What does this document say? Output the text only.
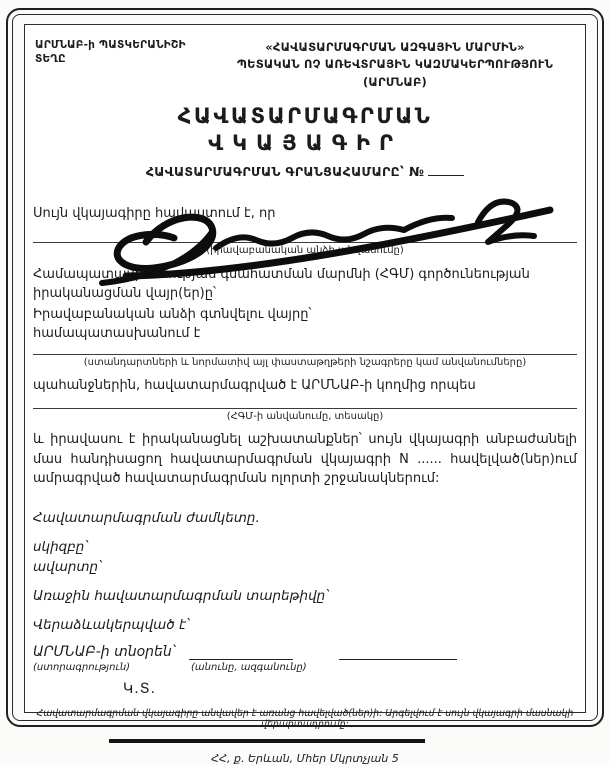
ԱՐՄՆԱԲ-ի ՊԱՏԿԵՐԱՆԻՇԻ ՏԵՂԸ
«ՀԱՎԱՏԱՐՄԱԳՐՄԱՆ ԱԶԳԱՅԻՆ ՄԱՐՄԻՆ»
ՊԵՏԱԿԱՆ ՈՉ ԱՌԵՎՏՐԱՅԻՆ ԿԱԶՄԱԿԵՐՊՈՒԹՅՈՒՆ (ԱՐՄՆԱԲ)
ՀԱՎԱՏԱՐՄԱԳՐՄԱՆ
ՎԿԱՅԱԳԻՐ
ՀԱՎԱՏԱՐՄԱԳՐՄԱՆ ԳՐԱՆՑԱՀԱՄԱՐԸ՝ №
Սույն վկայագիրը հավաստում է, որ
(իրավաբանական անձի անվանումը)
Համապատասխանության գնահատման մարմնի (ՀԳՄ) գործունեության իրականացման վայր(եր)ը՝
Իրավաբանական անձի գտնվելու վայրը՝
համապատասխանում է
(ստանդարտների և նորմատիվ այլ փաստաթղթերի նշագրերը կամ անվանումները)
պահանջներին, հավատարմագրված է ԱՐՄՆԱԲ-ի կողմից որպես
(ՀԳՄ-ի անվանումը, տեսակը)
և իրավասու է իրականացնել աշխատանքներ՝ սույն վկայագրի անբաժանելի մաս հանդիսացող հավատարմագրման վկայագրի N ...... հավելված(ներ)ում ամրագրված հավատարմագրման ոլորտի շրջանակներում:
Հավատարմագրման ժամկետը.
սկիզբը՝
ավարտը՝
Առաջին հավատարմագրման տարեթիվը՝
Վերաձևակերպված է՝
ԱՐՄՆԱԲ-ի տնօրեն՝
(ստորագրություն)	(անունը, ազգանունը)
Կ.Տ.
Հավատարմագրման վկայագիրը անվավեր է առանց հավելված(ներ)ի: Արգելվում է սույն վկայագրի մասնակի վերարտադրումը:
ՀՀ, ք. Երևան, Մհեր Մկրտչյան 5
